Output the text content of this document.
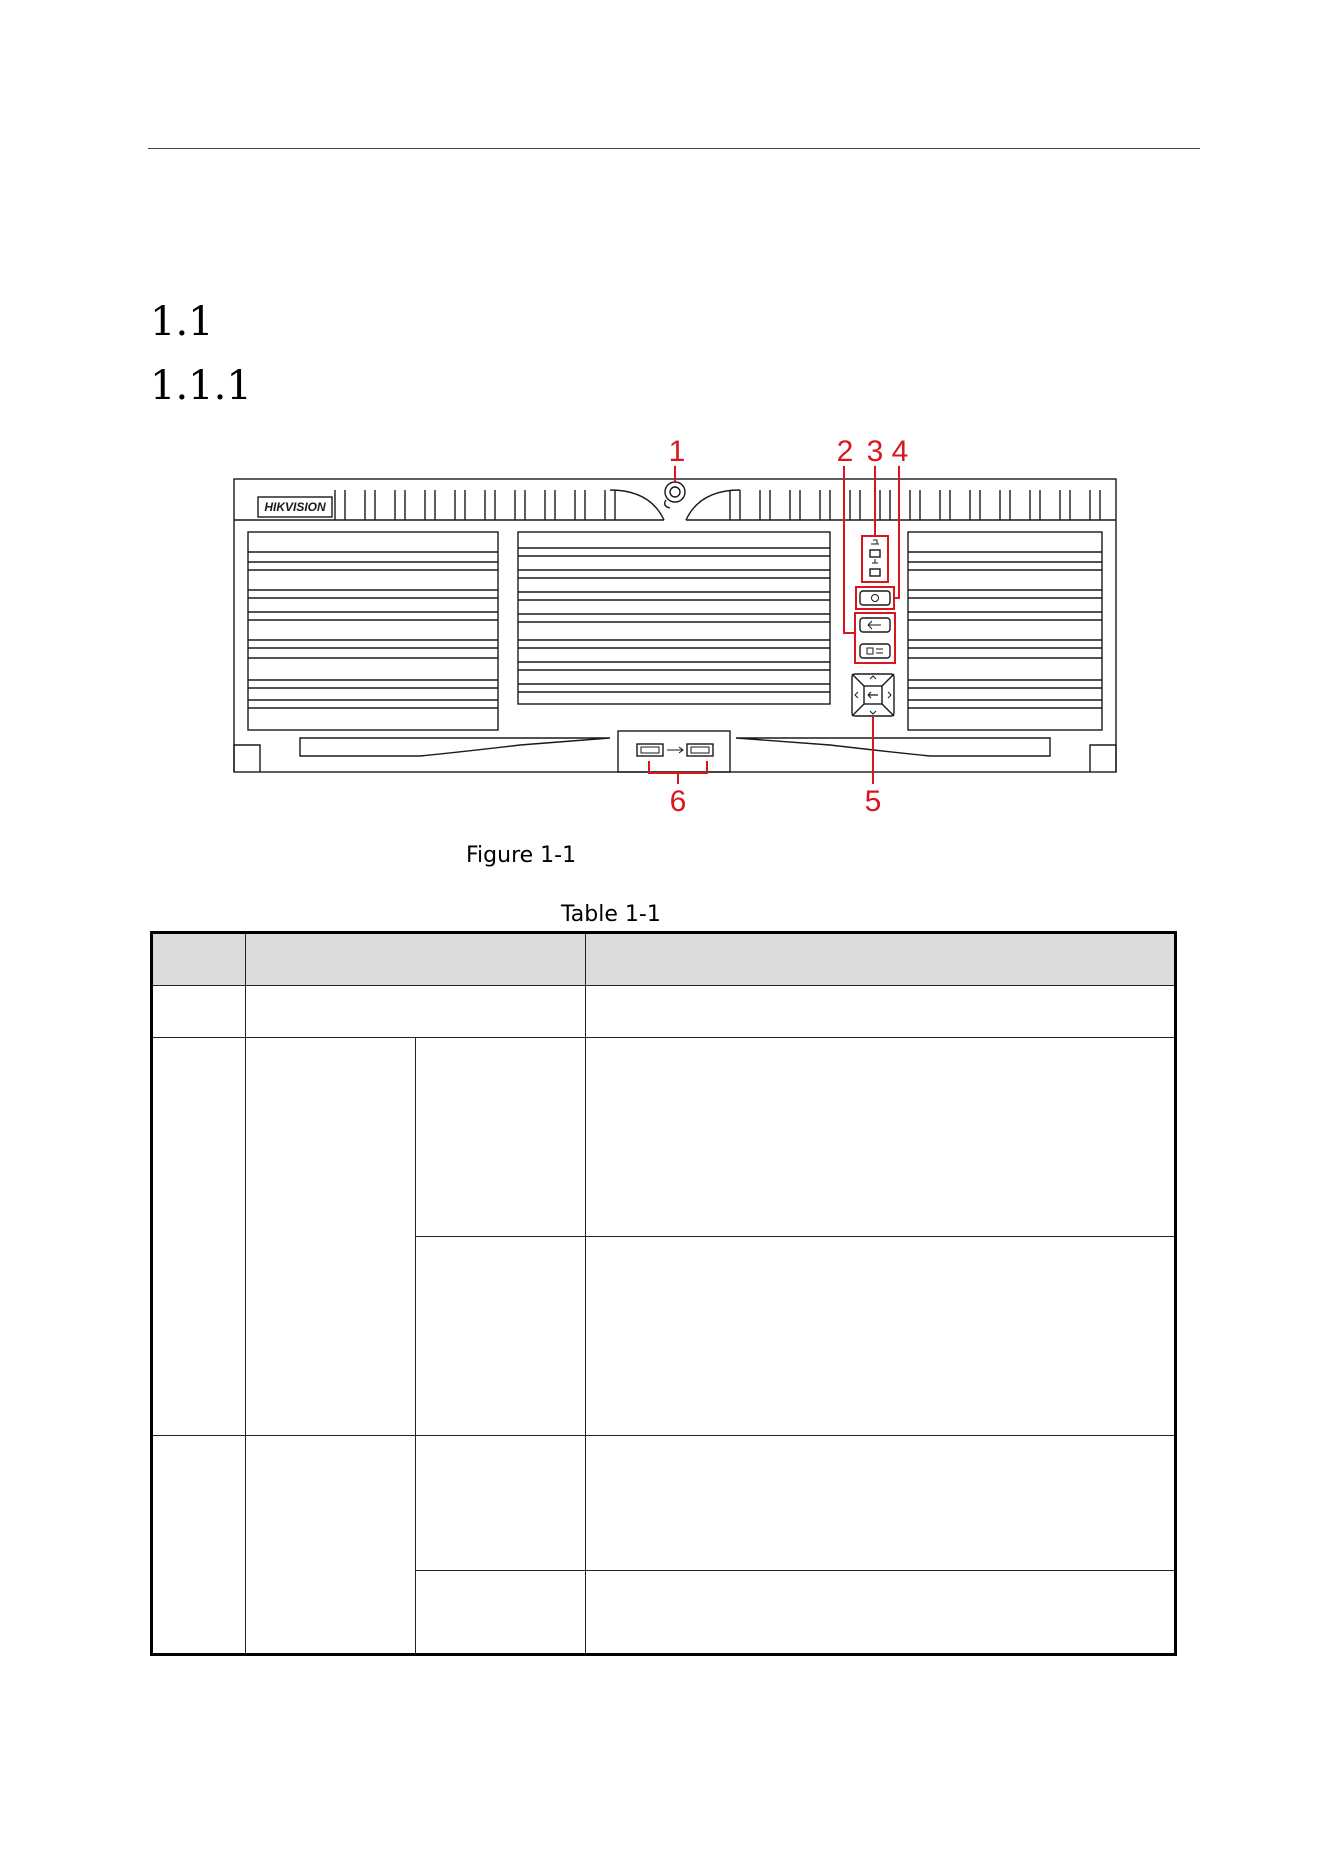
1.1
1.1.1
HIKVISION
1	2 3 4
5
6
Figure 1-1
Table 1-1
